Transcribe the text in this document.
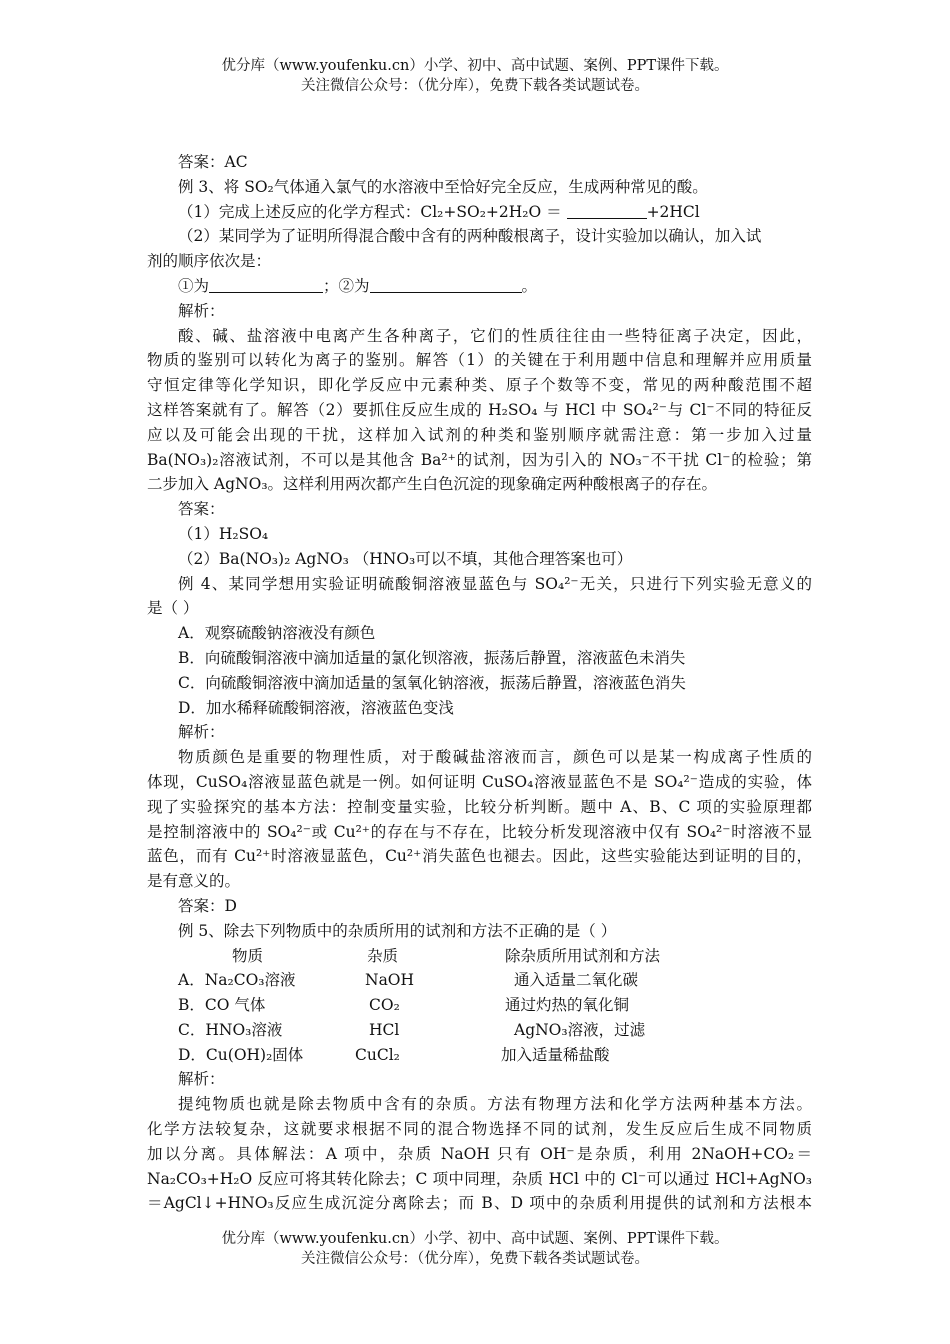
优分库（www.youfenku.cn）小学、初中、高中试题、案例、PPT课件下载。
关注微信公众号：（优分库），免费下载各类试题试卷。
答案：AC
例 3、将 SO₂气体通入氯气的水溶液中至恰好完全反应，生成两种常见的酸。
（1）完成上述反应的化学方程式：Cl₂+SO₂+2H₂O ＝	+2HCl
（2）某同学为了证明所得混合酸中含有的两种酸根离子，设计实验加以确认，加入试
剂的顺序依次是：
①为	；②为	。
解析：
酸、碱、盐溶液中电离产生各种离子，它们的性质往往由一些特征离子决定，因此，
物质的鉴别可以转化为离子的鉴别。解答（1）的关键在于利用题中信息和理解并应用质量
守恒定律等化学知识，即化学反应中元素种类、原子个数等不变，常见的两种酸范围不超
这样答案就有了。解答（2）要抓住反应生成的 H₂SO₄ 与 HCl 中 SO₄²⁻与 Cl⁻不同的特征反
应以及可能会出现的干扰，这样加入试剂的种类和鉴别顺序就需注意：第一步加入过量
Ba(NO₃)₂溶液试剂，不可以是其他含 Ba²⁺的试剂，因为引入的 NO₃⁻不干扰 Cl⁻的检验；第
二步加入 AgNO₃。这样利用两次都产生白色沉淀的现象确定两种酸根离子的存在。
答案：
（1）H₂SO₄
（2）Ba(NO₃)₂ AgNO₃ （HNO₃可以不填，其他合理答案也可）
例 4、某同学想用实验证明硫酸铜溶液显蓝色与 SO₄²⁻无关，只进行下列实验无意义的
是（ ）
A．观察硫酸钠溶液没有颜色
B．向硫酸铜溶液中滴加适量的氯化钡溶液，振荡后静置，溶液蓝色未消失
C．向硫酸铜溶液中滴加适量的氢氧化钠溶液，振荡后静置，溶液蓝色消失
D．加水稀释硫酸铜溶液，溶液蓝色变浅
解析：
物质颜色是重要的物理性质，对于酸碱盐溶液而言，颜色可以是某一构成离子性质的
体现，CuSO₄溶液显蓝色就是一例。如何证明 CuSO₄溶液显蓝色不是 SO₄²⁻造成的实验，体
现了实验探究的基本方法：控制变量实验，比较分析判断。题中 A、B、C 项的实验原理都
是控制溶液中的 SO₄²⁻或 Cu²⁺的存在与不存在，比较分析发现溶液中仅有 SO₄²⁻时溶液不显
蓝色，而有 Cu²⁺时溶液显蓝色，Cu²⁺消失蓝色也褪去。因此，这些实验能达到证明的目的，
是有意义的。
答案：D
例 5、除去下列物质中的杂质所用的试剂和方法不正确的是（ ）
物质	杂质	除杂质所用试剂和方法
A．Na₂CO₃溶液	NaOH	通入适量二氧化碳
B．CO 气体	CO₂	通过灼热的氧化铜
C．HNO₃溶液	HCl	AgNO₃溶液，过滤
D．Cu(OH)₂固体	CuCl₂	加入适量稀盐酸
解析：
提纯物质也就是除去物质中含有的杂质。方法有物理方法和化学方法两种基本方法。
化学方法较复杂，这就要求根据不同的混合物选择不同的试剂，发生反应后生成不同物质
加以分离。具体解法：A 项中，杂质 NaOH 只有 OH⁻是杂质，利用 2NaOH+CO₂＝
Na₂CO₃+H₂O 反应可将其转化除去；C 项中同理，杂质 HCl 中的 Cl⁻可以通过 HCl+AgNO₃
＝AgCl↓+HNO₃反应生成沉淀分离除去；而 B、D 项中的杂质利用提供的试剂和方法根本
优分库（www.youfenku.cn）小学、初中、高中试题、案例、PPT课件下载。
关注微信公众号：（优分库），免费下载各类试题试卷。
